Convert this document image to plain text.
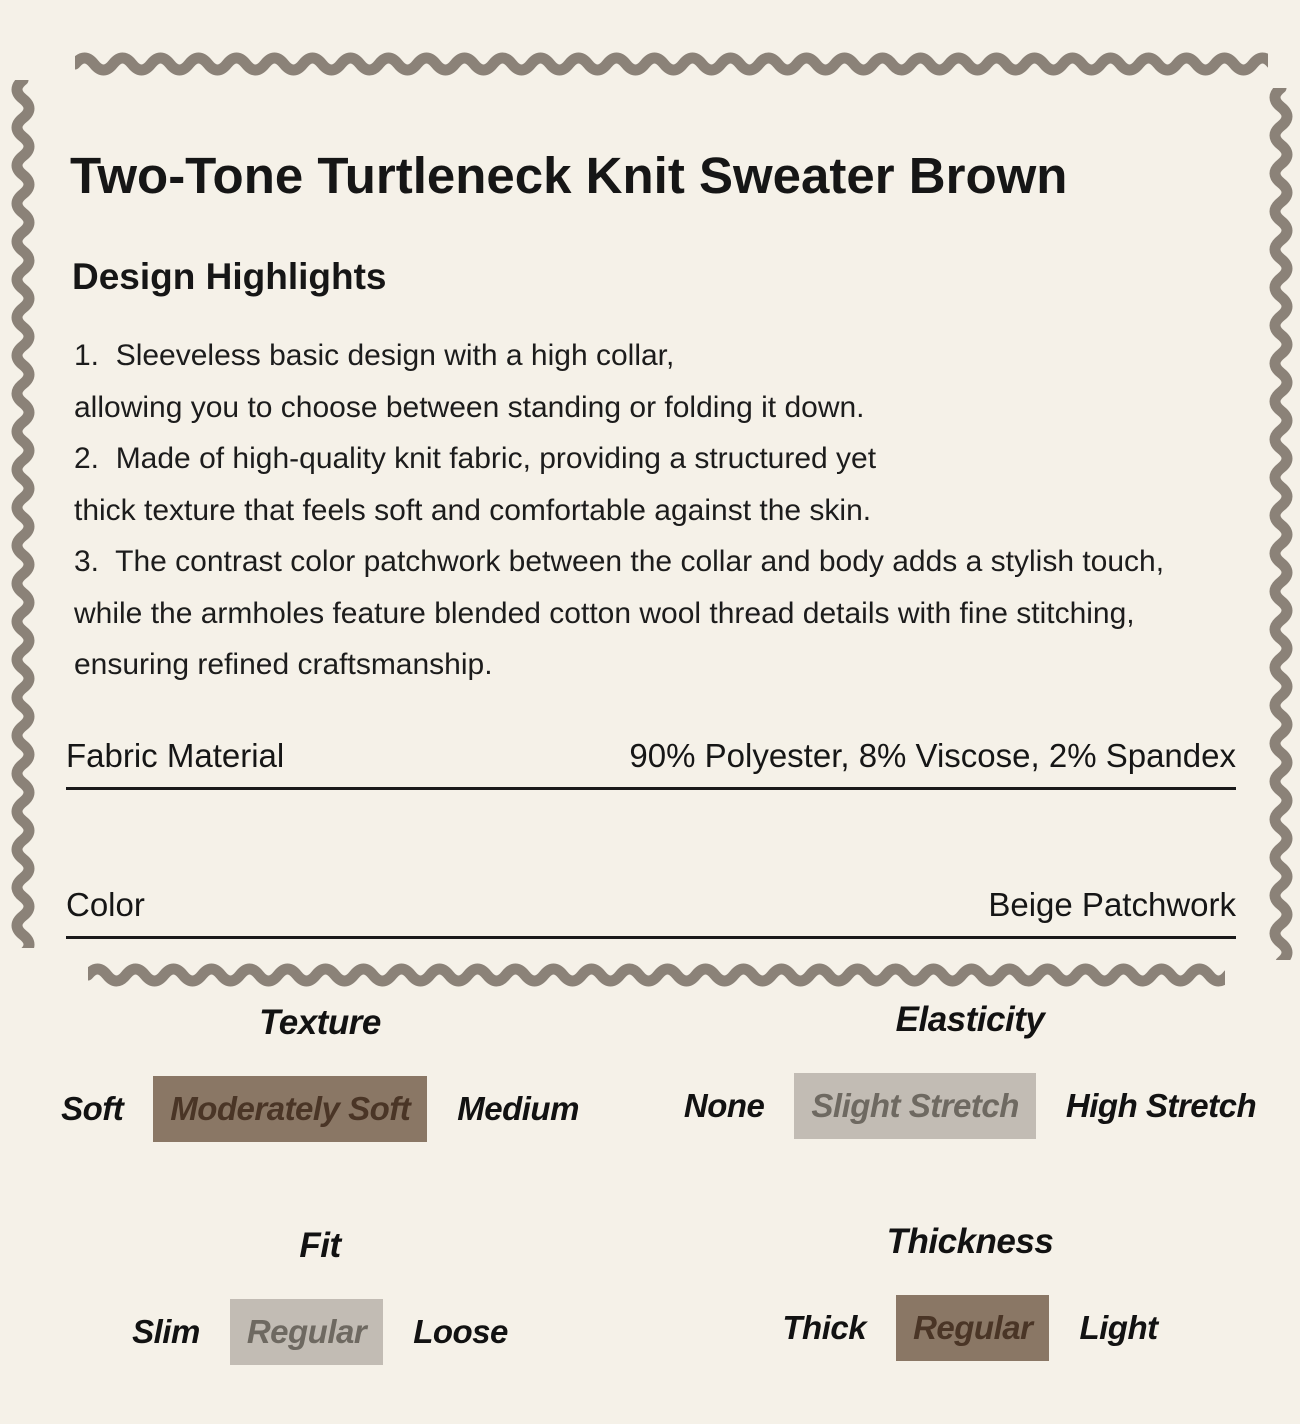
Two-Tone Turtleneck Knit Sweater Brown
Design Highlights
1.  Sleeveless basic design with a high collar,
allowing you to choose between standing or folding it down.
2.  Made of high-quality knit fabric, providing a structured yet
thick texture that feels soft and comfortable against the skin.
3.  The contrast color patchwork between the collar and body adds a stylish touch,
while the armholes feature blended cotton wool thread details with fine stitching,
ensuring refined craftsmanship.
Fabric Material	90% Polyester, 8% Viscose, 2% Spandex
Color	Beige Patchwork
Texture
Soft Moderately Soft Medium
Elasticity
None Slight Stretch High Stretch
Fit
Slim Regular Loose
Thickness
Thick Regular Light
